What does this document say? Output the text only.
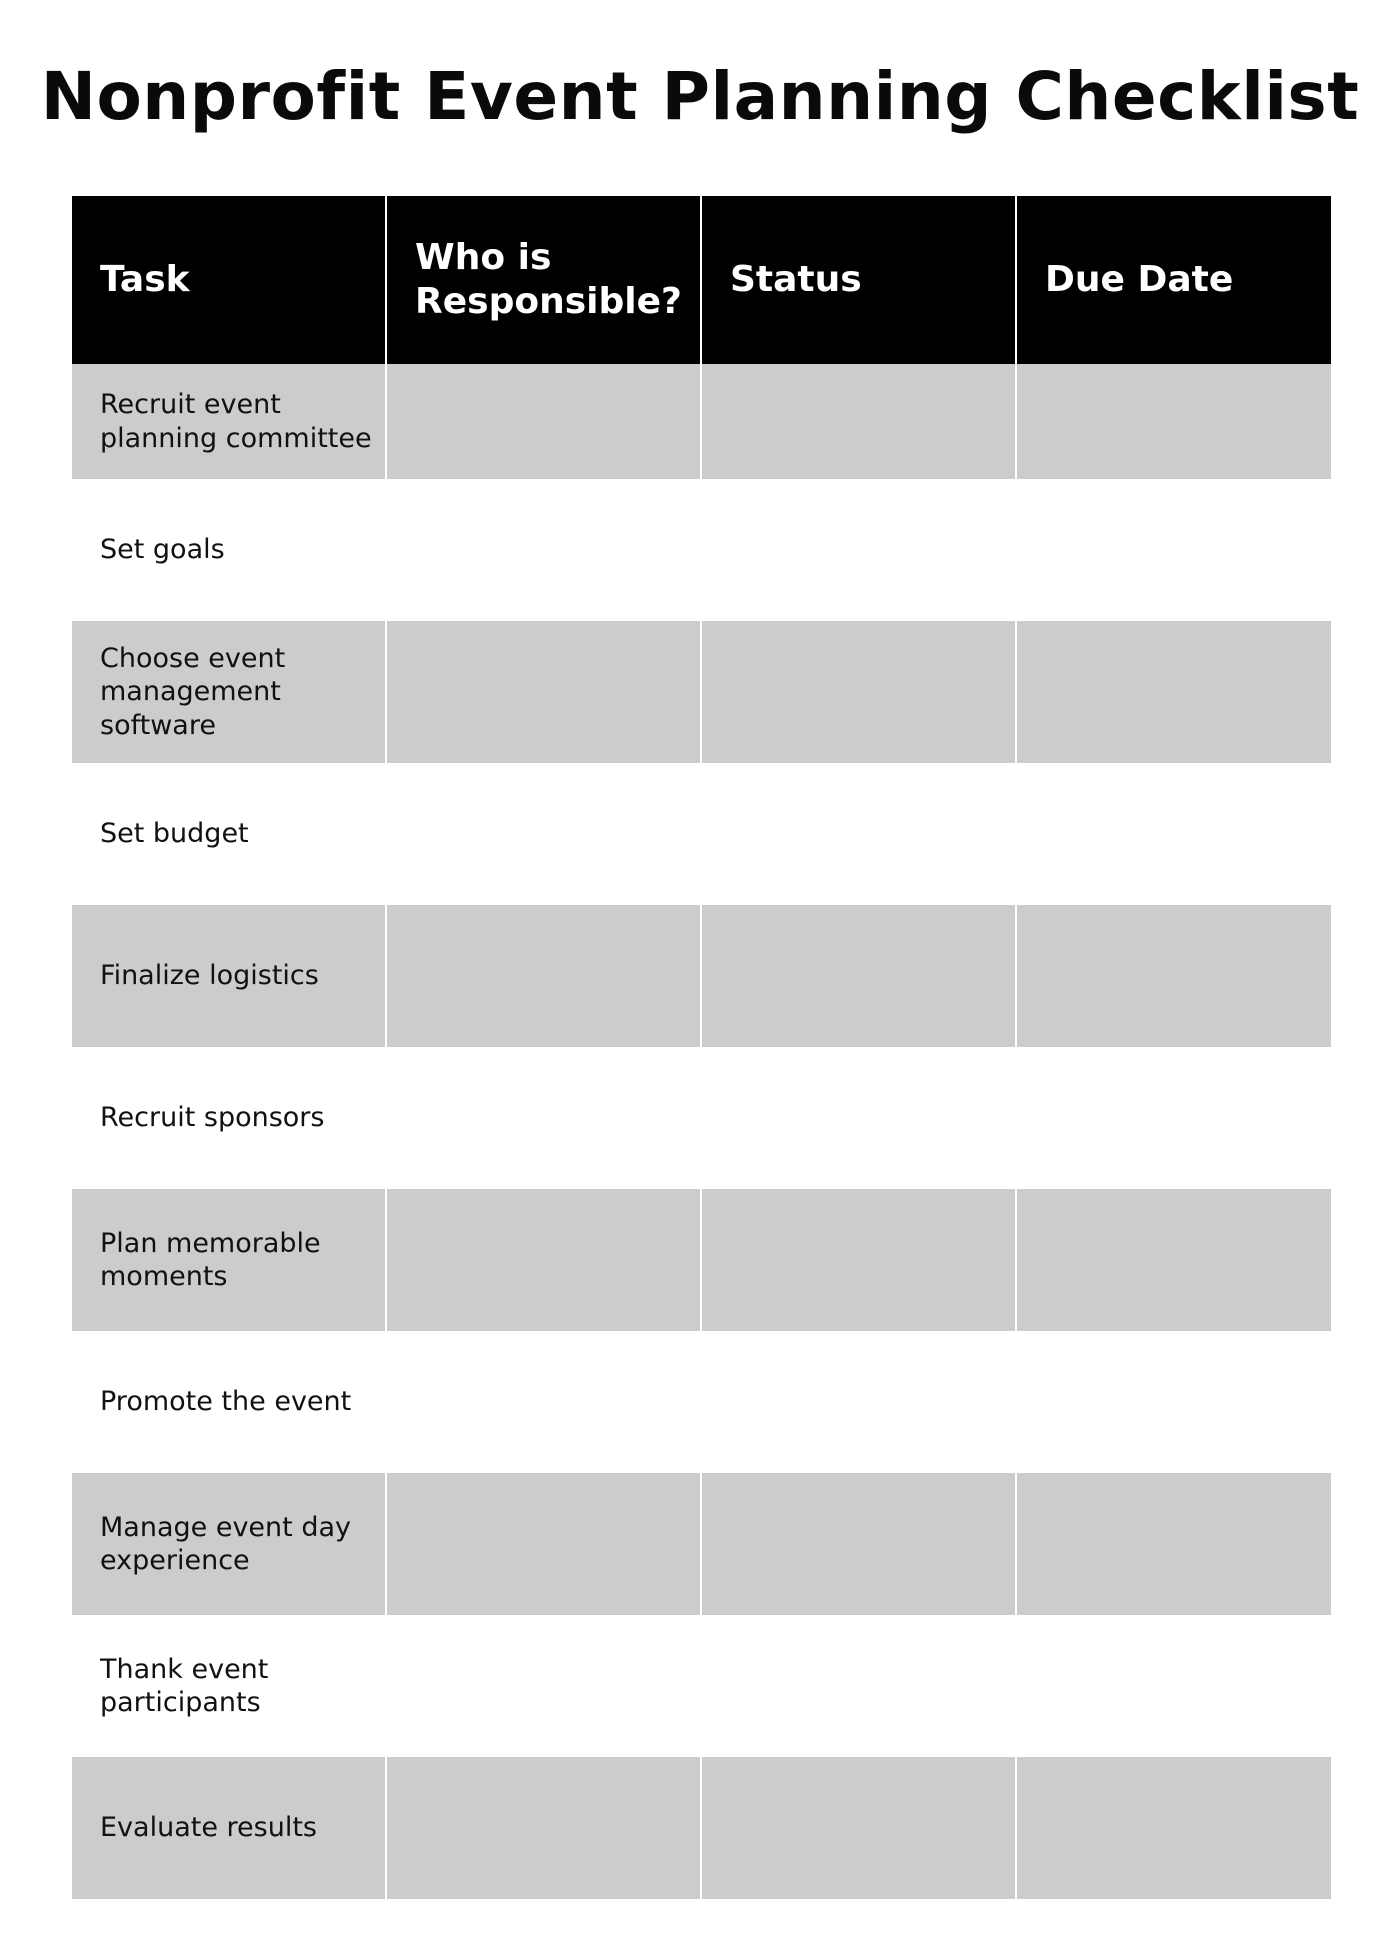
Nonprofit Event Planning Checklist
Task
Who is Responsible?
Status	Due Date
Recruit event planning committee
Set goals
Choose event management software
Set budget
Finalize logistics
Recruit sponsors
Plan memorable moments
Promote the event
Manage event day experience
Thank event participants
Evaluate results
